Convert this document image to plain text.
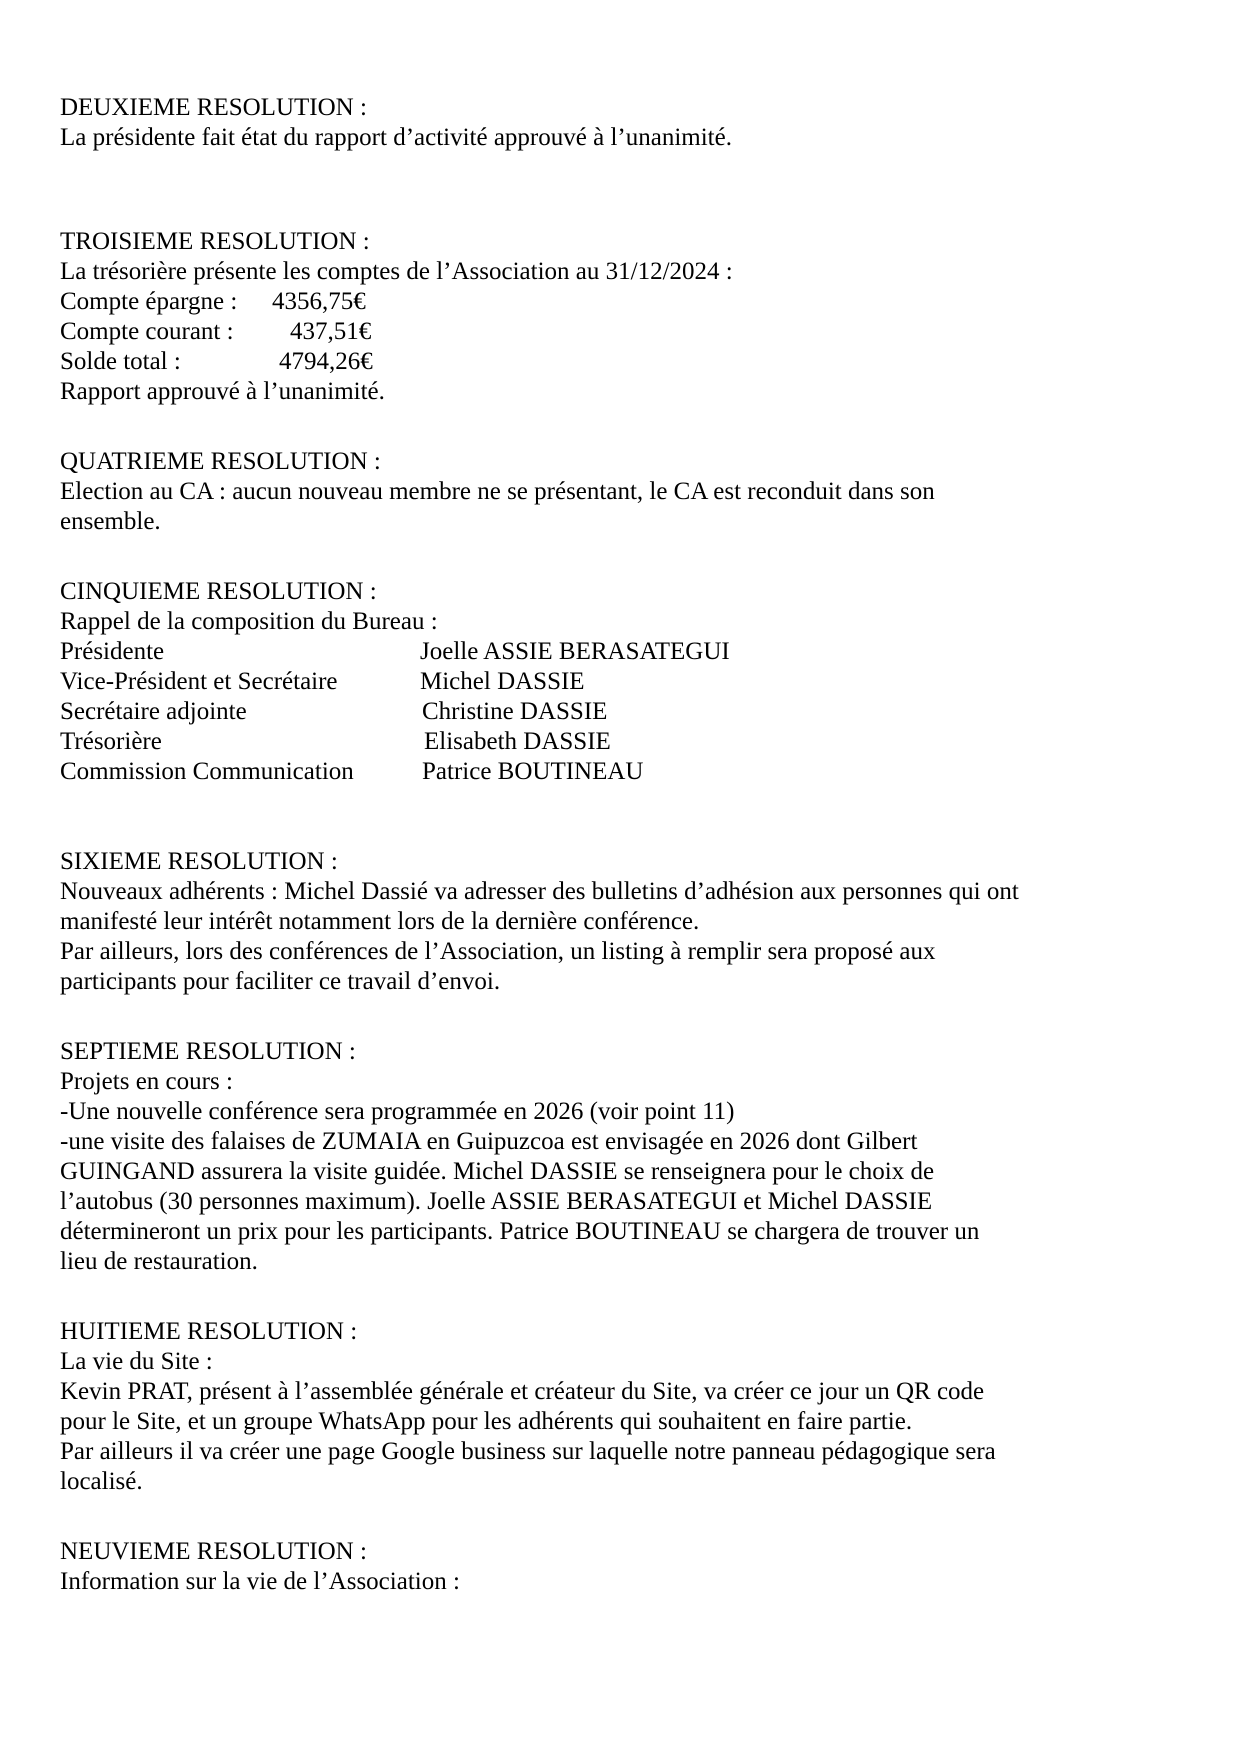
DEUXIEME RESOLUTION :
La présidente fait état du rapport d’activité approuvé à l’unanimité.
TROISIEME RESOLUTION :
La trésorière présente les comptes de l’Association au 31/12/2024 :
Compte épargne : 4356,75€
Compte courant : 437,51€
Solde total :	4794,26€
Rapport approuvé à l’unanimité.
QUATRIEME RESOLUTION :
Election au CA : aucun nouveau membre ne se présentant, le CA est reconduit dans son
ensemble.
CINQUIEME RESOLUTION :
Rappel de la composition du Bureau :
Présidente	Joelle ASSIE BERASATEGUI
Vice-Président et Secrétaire	Michel DASSIE
Secrétaire adjointe	Christine DASSIE
Trésorière	Elisabeth DASSIE
Commission Communication	Patrice BOUTINEAU
SIXIEME RESOLUTION :
Nouveaux adhérents : Michel Dassié va adresser des bulletins d’adhésion aux personnes qui ont
manifesté leur intérêt notamment lors de la dernière conférence.
Par ailleurs, lors des conférences de l’Association, un listing à remplir sera proposé aux
participants pour faciliter ce travail d’envoi.
SEPTIEME RESOLUTION :
Projets en cours :
-Une nouvelle conférence sera programmée en 2026 (voir point 11)
-une visite des falaises de ZUMAIA en Guipuzcoa est envisagée en 2026 dont Gilbert
GUINGAND assurera la visite guidée. Michel DASSIE se renseignera pour le choix de
l’autobus (30 personnes maximum). Joelle ASSIE BERASATEGUI et Michel DASSIE
détermineront un prix pour les participants. Patrice BOUTINEAU se chargera de trouver un
lieu de restauration.
HUITIEME RESOLUTION :
La vie du Site :
Kevin PRAT, présent à l’assemblée générale et créateur du Site, va créer ce jour un QR code
pour le Site, et un groupe WhatsApp pour les adhérents qui souhaitent en faire partie.
Par ailleurs il va créer une page Google business sur laquelle notre panneau pédagogique sera
localisé.
NEUVIEME RESOLUTION :
Information sur la vie de l’Association :
